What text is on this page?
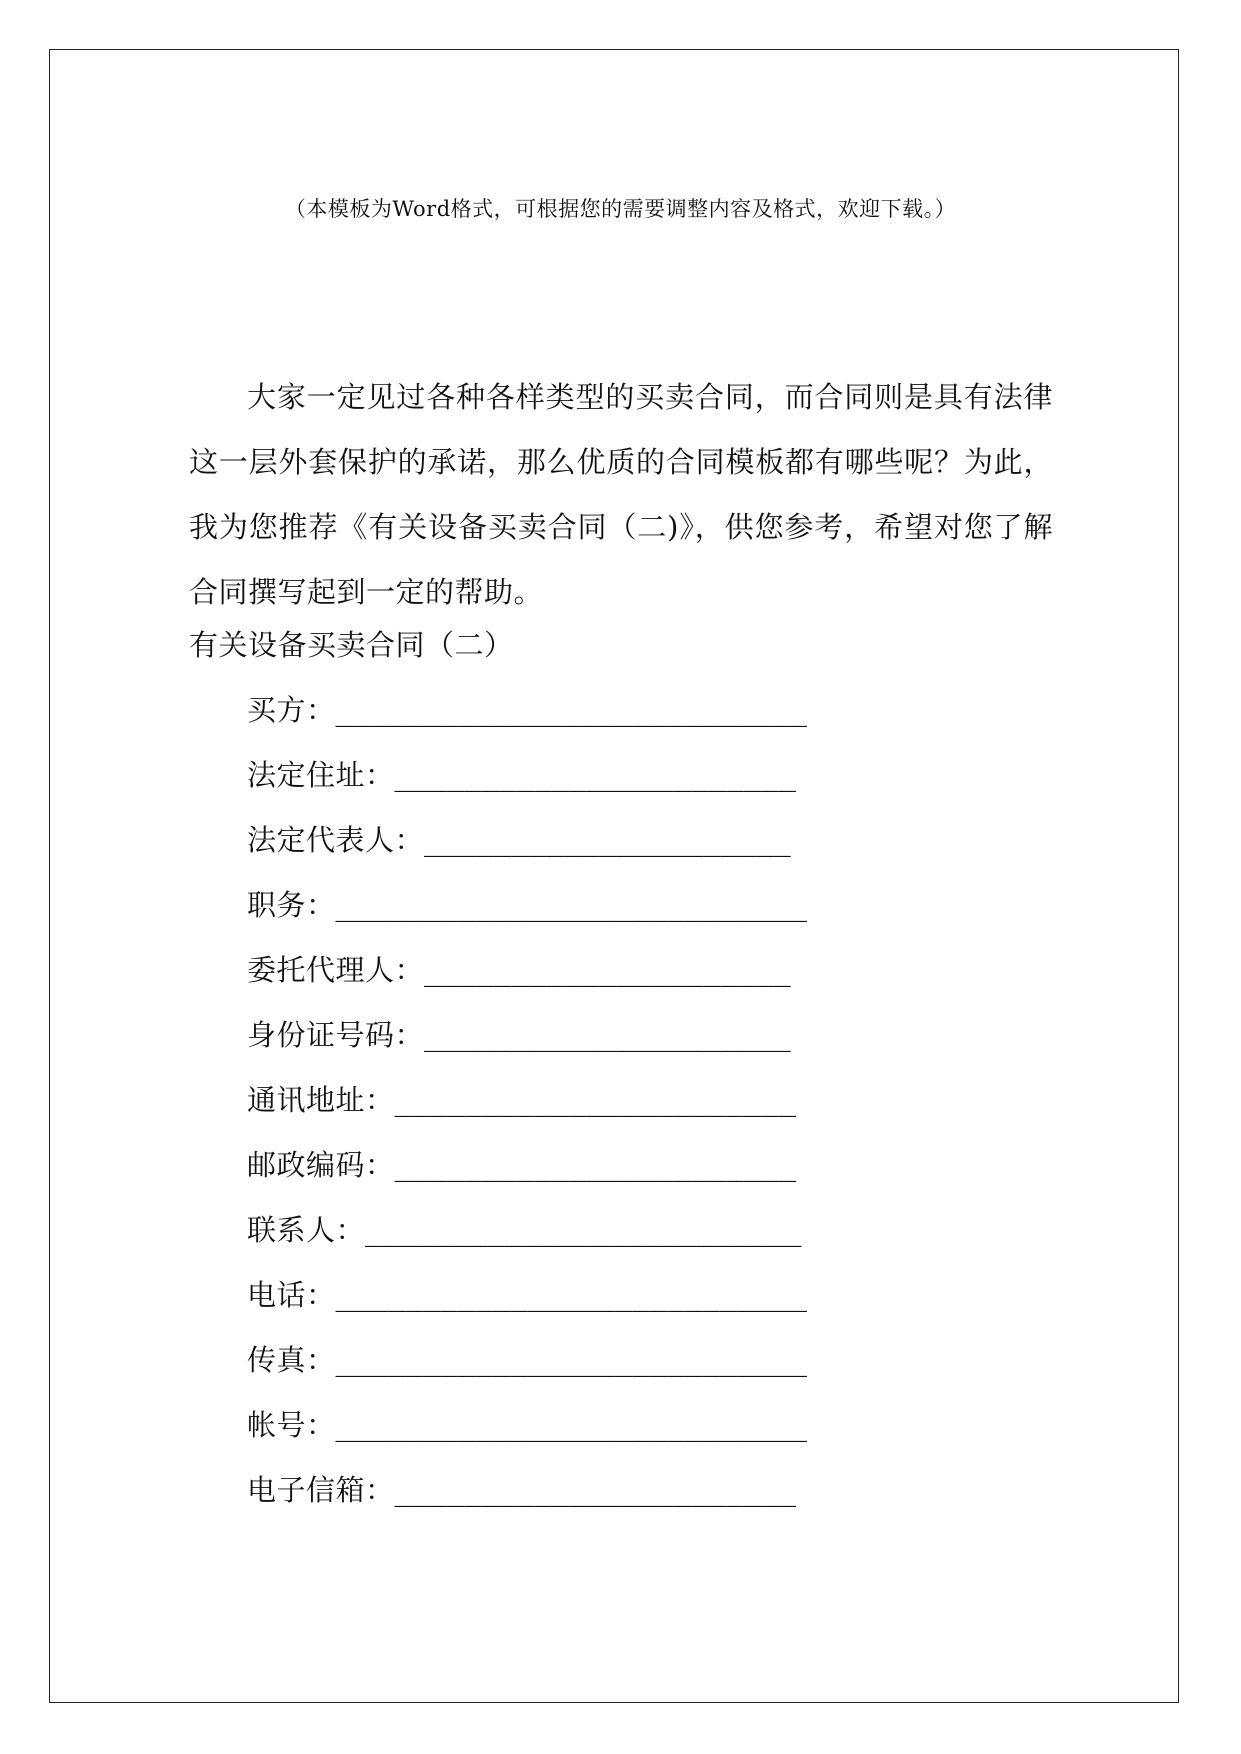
（本模板为Word格式，可根据您的需要调整内容及格式，欢迎下载。）

大家一定见过各种各样类型的买卖合同，而合同则是具有法律这一层外套保护的承诺，那么优质的合同模板都有哪些呢？为此，我为您推荐《有关设备买卖合同（二)》，供您参考，希望对您了解合同撰写起到一定的帮助。

有关设备买卖合同（二）
买方：___________________________
法定住址：_______________________
法定代表人：_____________________
职务：___________________________
委托代理人：_____________________
身份证号码：_____________________
通讯地址：_______________________
邮政编码：_______________________
联系人：_________________________
电话：___________________________
传真：___________________________
帐号：___________________________
电子信箱：_______________________
